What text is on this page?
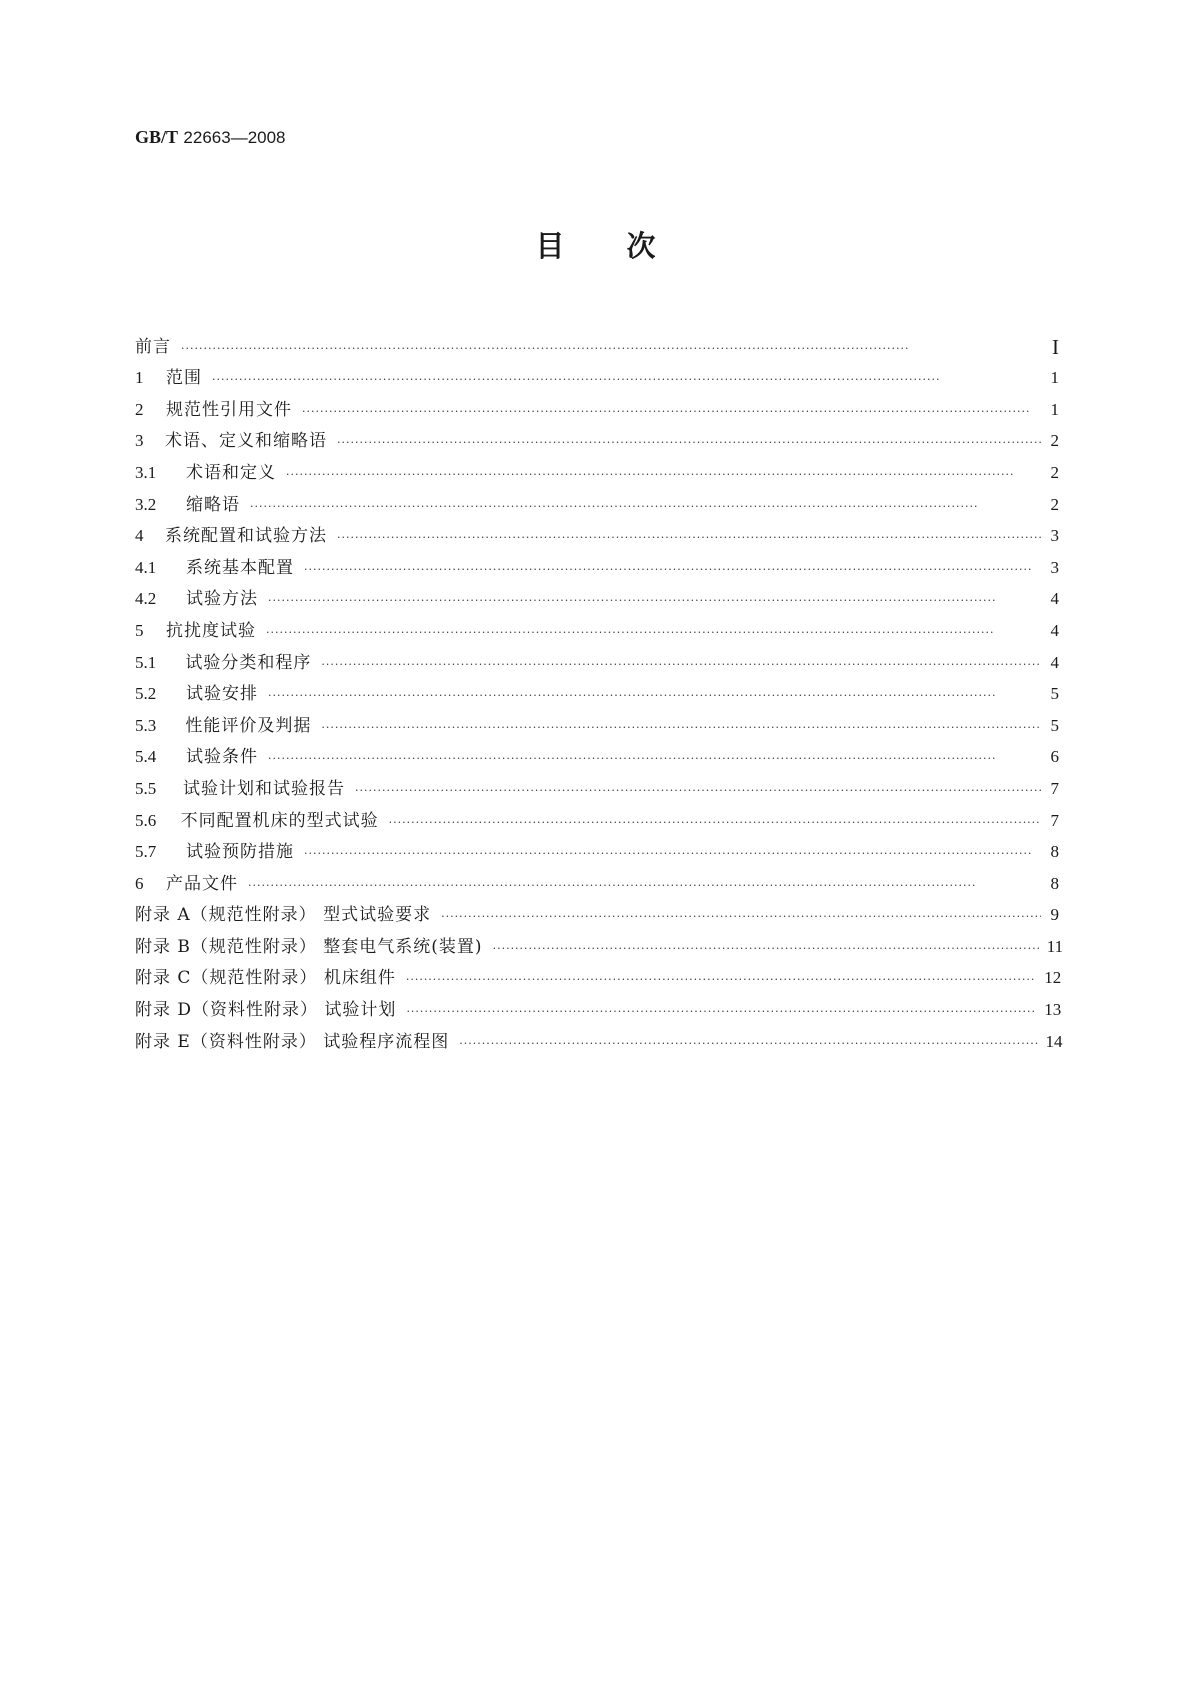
GB/T 22663—2008
目次
前言 ·····	I
1	范围 ·····	1
2	规范性引用文件 ·····	1
3	术语、定义和缩略语 ·····	2
3.1	术语和定义 ·····	2
3.2	缩略语 ·····	2
4	系统配置和试验方法 ·····	3
4.1	系统基本配置 ·····	3
4.2	试验方法 ·····	4
5	抗扰度试验 ·····	4
5.1	试验分类和程序 ·····	4
5.2	试验安排 ·····	5
5.3	性能评价及判据 ·····	5
5.4	试验条件 ·····	6
5.5	试验计划和试验报告 ·····	7
5.6	不同配置机床的型式试验 ·····	7
5.7	试验预防措施 ·····	8
6	产品文件 ·····	8
附录 A（规范性附录） 型式试验要求 ·····	9
附录 B（规范性附录） 整套电气系统(装置) ·····	11
附录 C（规范性附录） 机床组件 ·····	12
附录 D（资料性附录） 试验计划 ·····	13
附录 E（资料性附录） 试验程序流程图 ·····	14
